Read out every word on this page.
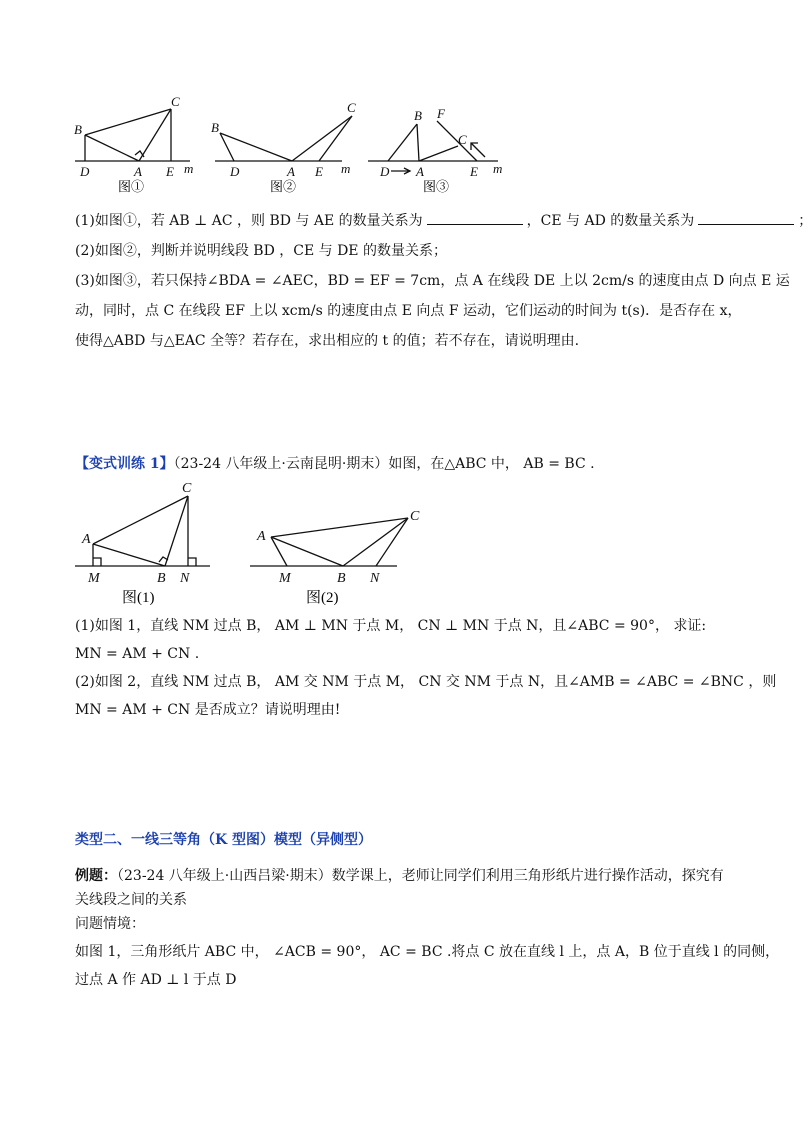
B
C
D	A E m
图①
B
C
D	A E m
图②
B F
C
D A	E m
图③
(1)如图①，若 AB ⊥ AC ，则 BD 与 AE 的数量关系为	，CE 与 AD 的数量关系为	；
(2)如图②，判断并说明线段 BD ，CE 与 DE 的数量关系；
(3)如图③，若只保持∠BDA = ∠AEC，BD = EF = 7cm，点 A 在线段 DE 上以 2cm/s 的速度由点 D 向点 E 运
动，同时，点 C 在线段 EF 上以 xcm/s 的速度由点 E 向点 F 运动，它们运动的时间为 t(s)．是否存在 x，
使得△ABD 与△EAC 全等？若存在，求出相应的 t 的值；若不存在，请说明理由.
【变式训练 1】（23-24 八年级上·云南昆明·期末）如图，在△ABC 中， AB = BC .
A
C
M	B N
图(1)
A
C
M	B N
图(2)
(1)如图 1，直线 NM 过点 B， AM ⊥ MN 于点 M， CN ⊥ MN 于点 N，且∠ABC = 90°， 求证:
MN = AM + CN .
(2)如图 2，直线 NM 过点 B， AM 交 NM 于点 M， CN 交 NM 于点 N，且∠AMB = ∠ABC = ∠BNC ，则
MN = AM + CN 是否成立？请说明理由!
类型二、一线三等角（K 型图）模型（异侧型）
例题：（23-24 八年级上·山西吕梁·期末）数学课上，老师让同学们利用三角形纸片进行操作活动，探究有
关线段之间的关系
问题情境：
如图 1，三角形纸片 ABC 中， ∠ACB = 90°， AC = BC .将点 C 放在直线 l 上，点 A，B 位于直线 l 的同侧，
过点 A 作 AD ⊥ l 于点 D
